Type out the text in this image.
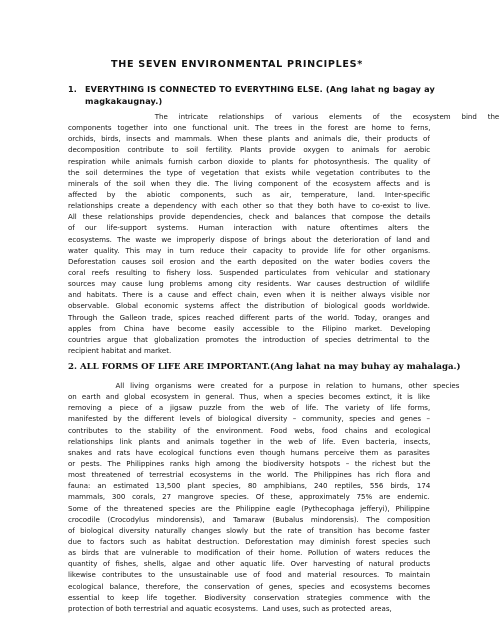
THE SEVEN ENVIRONMENTAL PRINCIPLES*
1. EVERYTHING IS CONNECTED TO EVERYTHING ELSE. (Ang lahat ng bagay ay
magkakaugnay.)
The intricate relationships of various elements of the ecosystem bind the
components together into one functional unit. The trees in the forest are home to ferns,
orchids, birds, insects and mammals. When these plants and animals die, their products of
decomposition contribute to soil fertility. Plants provide oxygen to animals for aerobic
respiration while animals furnish carbon dioxide to plants for photosynthesis. The quality of
the soil determines the type of vegetation that exists while vegetation contributes to the
minerals of the soil when they die. The living component of the ecosystem affects and is
affected by the abiotic components, such as air, temperature, land. Inter-specific
relationships create a dependency with each other so that they both have to co-exist to live.
All these relationships provide dependencies, check and balances that compose the details
of our life-support systems. Human interaction with nature oftentimes alters the
ecosystems. The waste we improperly dispose of brings about the deterioration of land and
water quality. This may in turn reduce their capacity to provide life for other organisms.
Deforestation causes soil erosion and the earth deposited on the water bodies covers the
coral reefs resulting to fishery loss. Suspended particulates from vehicular and stationary
sources may cause lung problems among city residents. War causes destruction of wildlife
and habitats. There is a cause and effect chain, even when it is neither always visible nor
observable. Global economic systems affect the distribution of biological goods worldwide.
Through the Galleon trade, spices reached different parts of the world. Today, oranges and
apples from China have become easily accessible to the Filipino market. Developing
countries argue that globalization promotes the introduction of species detrimental to the
recipient habitat and market.
2. ALL FORMS OF LIFE ARE IMPORTANT.(Ang lahat na may buhay ay mahalaga.)
All living organisms were created for a purpose in relation to humans, other species
on earth and global ecosystem in general. Thus, when a species becomes extinct, it is like
removing a piece of a jigsaw puzzle from the web of life. The variety of life forms,
manifested by the different levels of biological diversity – community, species and genes –
contributes to the stability of the environment. Food webs, food chains and ecological
relationships link plants and animals together in the web of life. Even bacteria, insects,
snakes and rats have ecological functions even though humans perceive them as parasites
or pests. The Philippines ranks high among the biodiversity hotspots – the richest but the
most threatened of terrestrial ecosystems in the world. The Philippines has rich flora and
fauna: an estimated 13,500 plant species, 80 amphibians, 240 reptiles, 556 birds, 174
mammals, 300 corals, 27 mangrove species. Of these, approximately 75% are endemic.
Some of the threatened species are the Philippine eagle (Pythecophaga jefferyi), Philippine
crocodile (Crocodylus mindorensis), and Tamaraw (Bubalus mindorensis). The composition
of biological diversity naturally changes slowly but the rate of transition has become faster
due to factors such as habitat destruction. Deforestation may diminish forest species such
as birds that are vulnerable to modification of their home. Pollution of waters reduces the
quantity of fishes, shells, algae and other aquatic life. Over harvesting of natural products
likewise contributes to the unsustainable use of food and material resources. To maintain
ecological balance, therefore, the conservation of genes, species and ecosystems becomes
essential to keep life together. Biodiversity conservation strategies commence with the
protection of both terrestrial and aquatic ecosystems.  Land uses, such as protected  areas,
